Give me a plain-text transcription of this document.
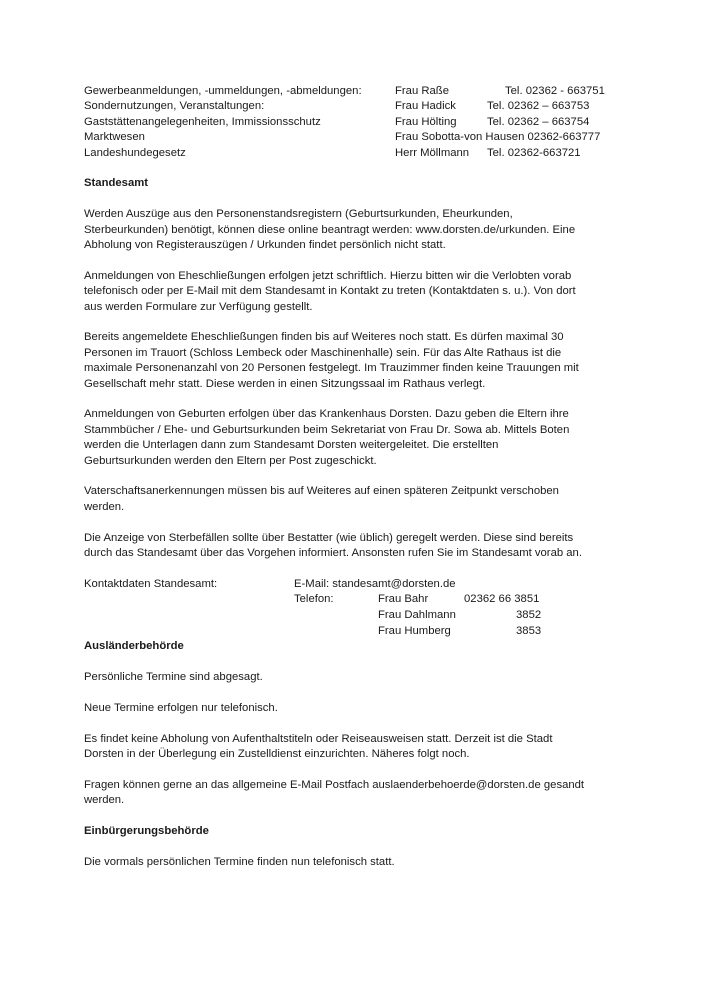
Gewerbeanmeldungen, -ummeldungen, -abmeldungen:	Frau Raße	Tel. 02362 - 663751
Sondernutzungen, Veranstaltungen:	Frau Hadick	Tel. 02362 – 663753
Gaststättenangelegenheiten, Immissionsschutz	Frau Hölting	Tel. 02362 – 663754
Marktwesen	Frau Sobotta-von Hausen 02362-663777
Landeshundegesetz	Herr Möllmann Tel. 02362-663721

Standesamt

Werden Auszüge aus den Personenstandsregistern (Geburtsurkunden, Eheurkunden,

Sterbeurkunden) benötigt, können diese online beantragt werden: www.dorsten.de/urkunden. Eine

Abholung von Registerauszügen / Urkunden findet persönlich nicht statt.

Anmeldungen von Eheschließungen erfolgen jetzt schriftlich. Hierzu bitten wir die Verlobten vorab

telefonisch oder per E-Mail mit dem Standesamt in Kontakt zu treten (Kontaktdaten s. u.). Von dort

aus werden Formulare zur Verfügung gestellt.

Bereits angemeldete Eheschließungen finden bis auf Weiteres noch statt. Es dürfen maximal 30

Personen im Trauort (Schloss Lembeck oder Maschinenhalle) sein. Für das Alte Rathaus ist die

maximale Personenanzahl von 20 Personen festgelegt. Im Trauzimmer finden keine Trauungen mit

Gesellschaft mehr statt. Diese werden in einen Sitzungssaal im Rathaus verlegt.

Anmeldungen von Geburten erfolgen über das Krankenhaus Dorsten. Dazu geben die Eltern ihre

Stammbücher / Ehe- und Geburtsurkunden beim Sekretariat von Frau Dr. Sowa ab. Mittels Boten

werden die Unterlagen dann zum Standesamt Dorsten weitergeleitet. Die erstellten

Geburtsurkunden werden den Eltern per Post zugeschickt.

Vaterschaftsanerkennungen müssen bis auf Weiteres auf einen späteren Zeitpunkt verschoben

werden.

Die Anzeige von Sterbefällen sollte über Bestatter (wie üblich) geregelt werden. Diese sind bereits

durch das Standesamt über das Vorgehen informiert. Ansonsten rufen Sie im Standesamt vorab an.

Kontaktdaten Standesamt:	E-Mail: standesamt@dorsten.de
Telefon:	Frau Bahr	02362 66 3851
Frau Dahlmann	3852
Frau Humberg	3853

Ausländerbehörde

Persönliche Termine sind abgesagt.

Neue Termine erfolgen nur telefonisch.

Es findet keine Abholung von Aufenthaltstiteln oder Reiseausweisen statt. Derzeit ist die Stadt

Dorsten in der Überlegung ein Zustelldienst einzurichten. Näheres folgt noch.

Fragen können gerne an das allgemeine E-Mail Postfach auslaenderbehoerde@dorsten.de gesandt

werden.

Einbürgerungsbehörde

Die vormals persönlichen Termine finden nun telefonisch statt.
